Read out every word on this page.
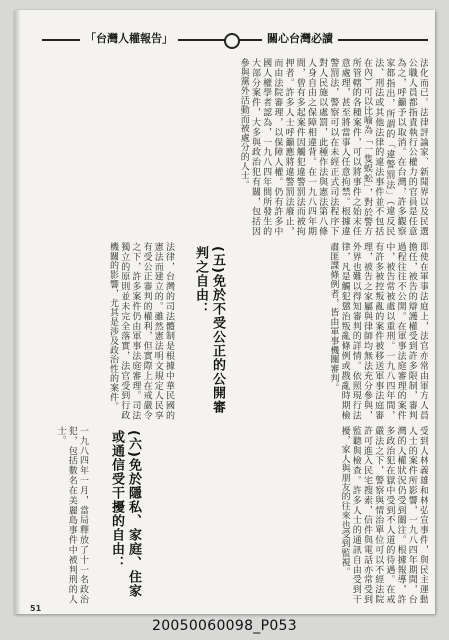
「台灣人權報告」	關心台灣必讀
法化而已。法律評論家、新聞界以及民選公職人員都指責執行公權力的官員是任意為之，呼籲予以取消。在台灣，許多觀察家都指出，所謂的「違警罰法」（違反民法、刑法或其他法律的違法事件並不包括在內）可以比喻為「一隻蜈蚣」，對於警方所管轄的各種案件，可以將事件之始末任意處理，甚至將當事人任意拘禁。根據違警罰法，警察可以在未經正式司法程序下對人民施以處罰，此種作法與憲法第八條人身自由之保障相違背。在一九八四年期間，曾有多起案件因觸犯違警罰法而被拘押者。許多人士呼籲應將違警罰法廢止，而由法院審理，以保障人權。仍有許多中國人權學者認為，一九八四年間所發生的大部分案件，大多與政治犯有關，包括因參與黨外活動而被處分的人士。
即使在軍事法庭上，法官亦常由軍方人員擔任，被告的辯護權受到許多限制，審判過程往往不公開。在軍事法庭審理的案件中，被告常被處以重刑。一九八四年間，有許多被控叛亂的案件被移送軍事法庭審理，被告之家屬與律師均無法充分參與，外界也難以得知審判的詳情。依照現行法律，凡是觸犯懲治叛亂條例或戡亂時期檢肅匪諜條例者，皆由軍事機關審判。
(五)免於不受公正的公開審判之自由：
法律，台灣的司法體制是根據中華民國的憲法而建立的。雖然憲法明文規定人民享有受公正審判的權利，但實際上在戒嚴令之下，許多案件仍由軍事法庭審理。司法獨立的原則並未完全落實，法官受到行政機關的影響，尤其是涉及政治性的案件。
受到人林義雄和林弘宣事件，與民主運動人士的案件所影響，一九八四年期間，台灣的人權狀況仍受到關注。根據報導，許多政治犯在獄中受到不人道的待遇。在戒嚴法之下，警察與情治單位可以不經法院許可進入民宅搜索，信件與電話亦常受到監聽與檢查。許多人士的通訊自由受到干擾，家人與朋友的往來也受到監視。
(六)免於隱私、家庭、住家或通信受干擾的自由：
一九八四年一月，當局釋放了十一名政治犯，包括數名在美麗島事件中被判刑的人士。
51
20050060098_P053
